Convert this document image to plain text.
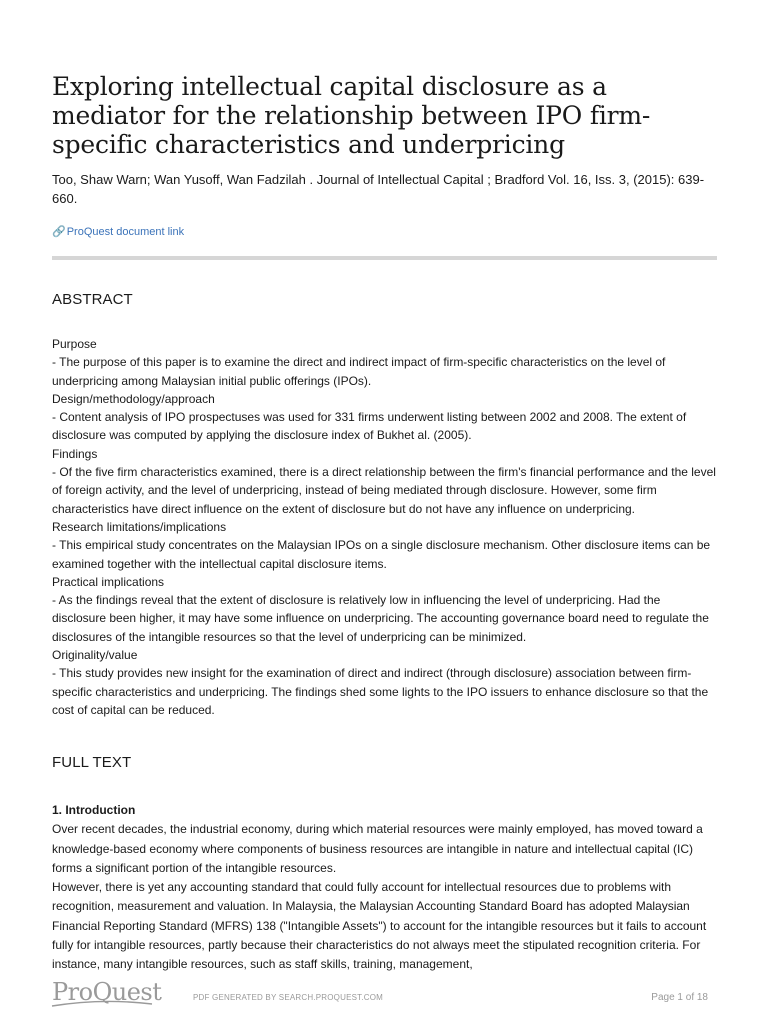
Exploring intellectual capital disclosure as a mediator for the relationship between IPO firm-specific characteristics and underpricing

Too, Shaw Warn; Wan Yusoff, Wan Fadzilah . Journal of Intellectual Capital ; Bradford Vol. 16, Iss. 3, (2015): 639-660.

🔗ProQuest document link
ABSTRACT

Purpose

- The purpose of this paper is to examine the direct and indirect impact of firm-specific characteristics on the level of underpricing among Malaysian initial public offerings (IPOs).

Design/methodology/approach

- Content analysis of IPO prospectuses was used for 331 firms underwent listing between 2002 and 2008. The extent of disclosure was computed by applying the disclosure index of Bukhet al. (2005).

Findings

- Of the five firm characteristics examined, there is a direct relationship between the firm's financial performance and the level of foreign activity, and the level of underpricing, instead of being mediated through disclosure. However, some firm characteristics have direct influence on the extent of disclosure but do not have any influence on underpricing.

Research limitations/implications

- This empirical study concentrates on the Malaysian IPOs on a single disclosure mechanism. Other disclosure items can be examined together with the intellectual capital disclosure items.

Practical implications

- As the findings reveal that the extent of disclosure is relatively low in influencing the level of underpricing. Had the disclosure been higher, it may have some influence on underpricing. The accounting governance board need to regulate the disclosures of the intangible resources so that the level of underpricing can be minimized.

Originality/value

- This study provides new insight for the examination of direct and indirect (through disclosure) association between firm-specific characteristics and underpricing. The findings shed some lights to the IPO issuers to enhance disclosure so that the cost of capital can be reduced.

FULL TEXT

1. Introduction

Over recent decades, the industrial economy, during which material resources were mainly employed, has moved toward a knowledge-based economy where components of business resources are intangible in nature and intellectual capital (IC) forms a significant portion of the intangible resources.

However, there is yet any accounting standard that could fully account for intellectual resources due to problems with recognition, measurement and valuation. In Malaysia, the Malaysian Accounting Standard Board has adopted Malaysian Financial Reporting Standard (MFRS) 138 ("Intangible Assets") to account for the intangible resources but it fails to account fully for intangible resources, partly because their characteristics do not always meet the stipulated recognition criteria. For instance, many intangible resources, such as staff skills, training, management,

ProQuest	PDF GENERATED BY SEARCH.PROQUEST.COM	Page 1 of 18
